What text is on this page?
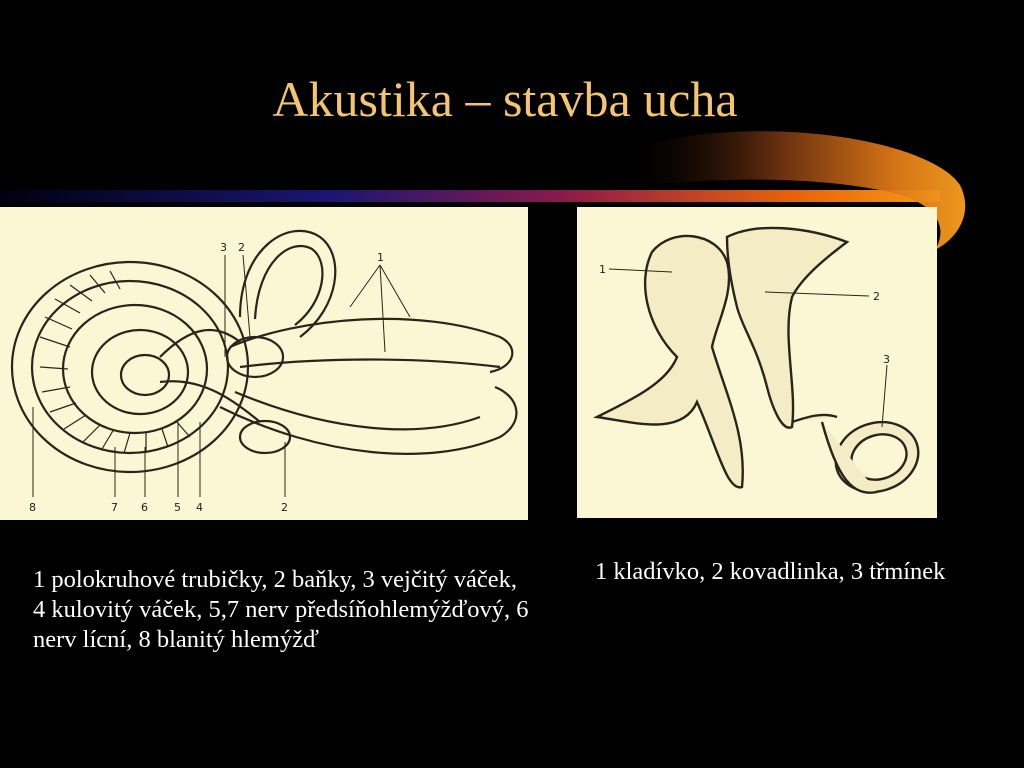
Akustika – stavba ucha
3 2
1
8	7 6 5 4	2
1
2
3
1 polokruhové trubičky, 2 baňky, 3 vejčitý váček, 4 kulovitý váček, 5,7 nerv předsíňohlemýžďový, 6 nerv lícní, 8 blanitý hlemýžď
1 kladívko, 2 kovadlinka, 3 třmínek
